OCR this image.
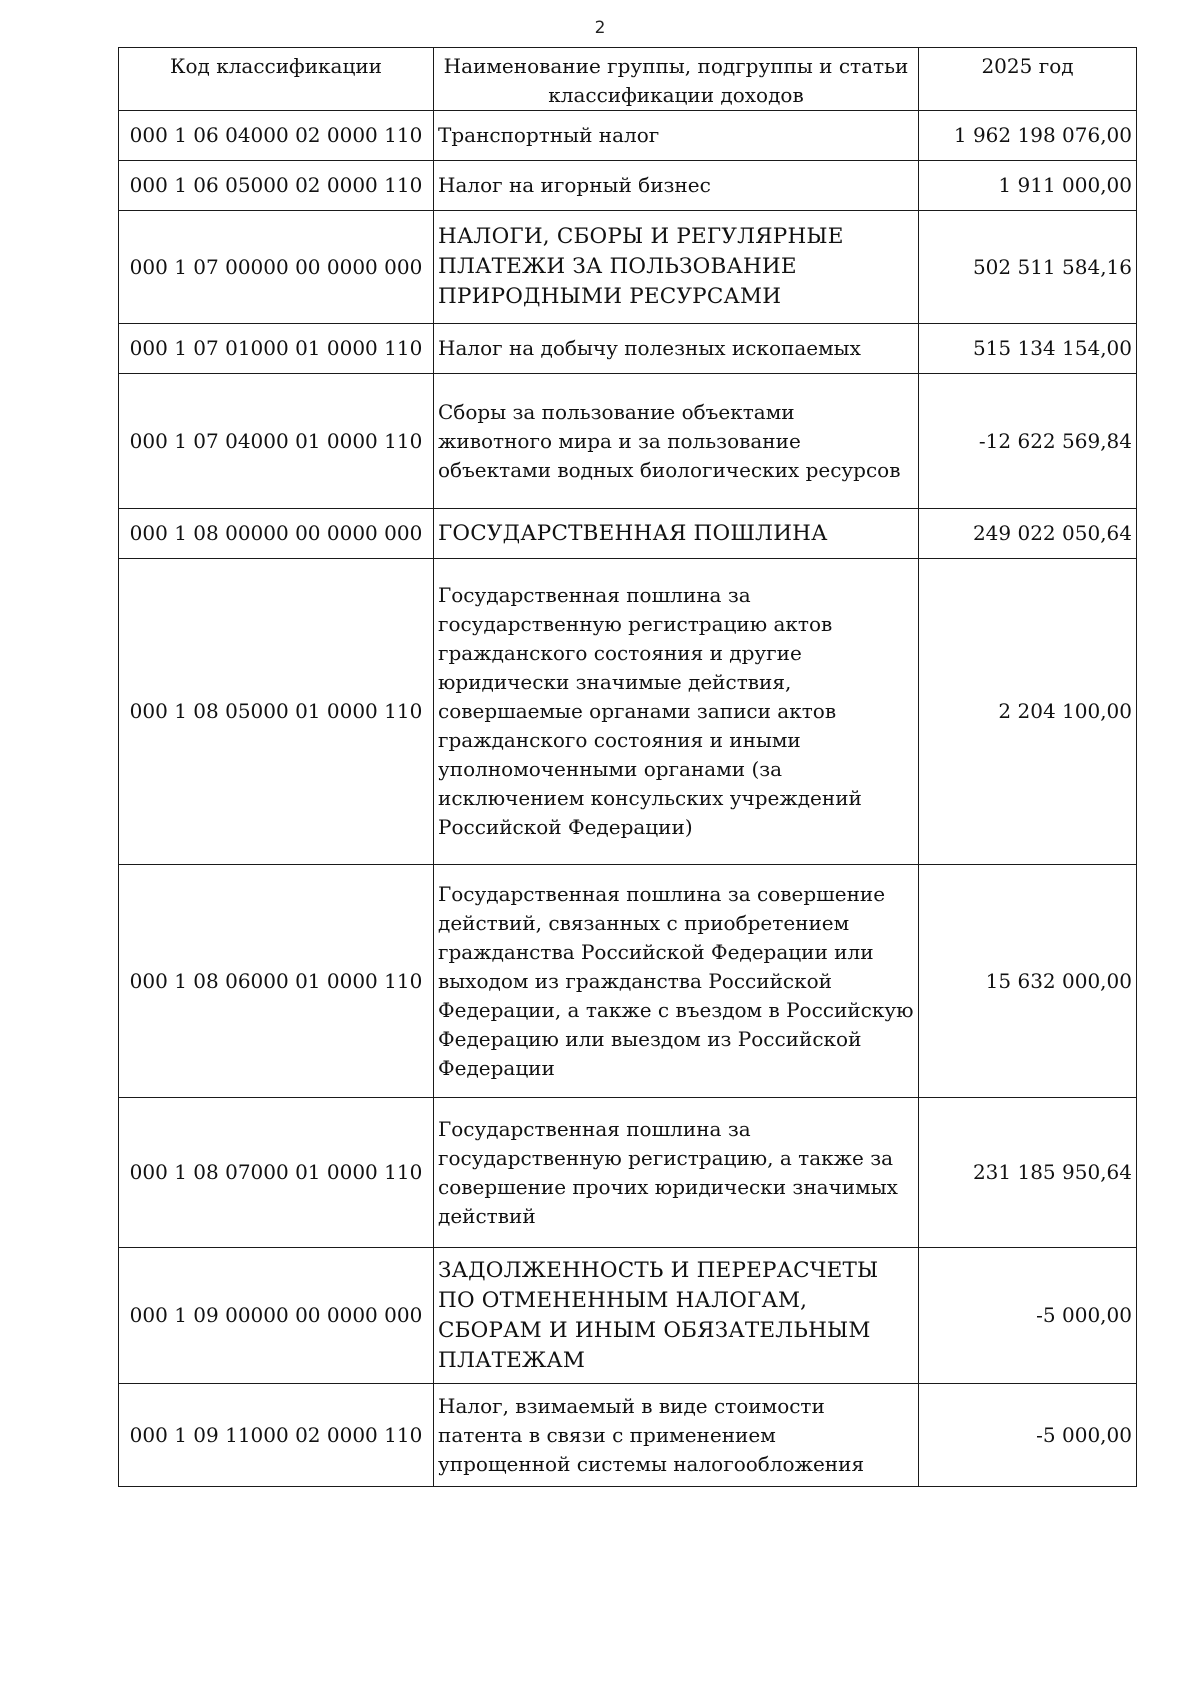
2
Код классификации	Наименование группы, подгруппы и статьи классификации доходов	2025 год
000 1 06 04000 02 0000 110	Транспортный налог	1 962 198 076,00
000 1 06 05000 02 0000 110	Налог на игорный бизнес	1 911 000,00
000 1 07 00000 00 0000 000	НАЛОГИ, СБОРЫ И РЕГУЛЯРНЫЕ ПЛАТЕЖИ ЗА ПОЛЬЗОВАНИЕ ПРИРОДНЫМИ РЕСУРСАМИ	502 511 584,16
000 1 07 01000 01 0000 110	Налог на добычу полезных ископаемых	515 134 154,00
000 1 07 04000 01 0000 110	Сборы за пользование объектами животного мира и за пользование объектами водных биологических ресурсов	-12 622 569,84
000 1 08 00000 00 0000 000	ГОСУДАРСТВЕННАЯ ПОШЛИНА	249 022 050,64
000 1 08 05000 01 0000 110	Государственная пошлина за государственную регистрацию актов гражданского состояния и другие юридически значимые действия, совершаемые органами записи актов гражданского состояния и иными уполномоченными органами (за исключением консульских учреждений Российской Федерации)	2 204 100,00
000 1 08 06000 01 0000 110	Государственная пошлина за совершение действий, связанных с приобретением гражданства Российской Федерации или выходом из гражданства Российской Федерации, а также с въездом в Российскую Федерацию или выездом из Российской Федерации	15 632 000,00
000 1 08 07000 01 0000 110	Государственная пошлина за государственную регистрацию, а также за совершение прочих юридически значимых действий	231 185 950,64
000 1 09 00000 00 0000 000	ЗАДОЛЖЕННОСТЬ И ПЕРЕРАСЧЕТЫ ПО ОТМЕНЕННЫМ НАЛОГАМ, СБОРАМ И ИНЫМ ОБЯЗАТЕЛЬНЫМ ПЛАТЕЖАМ	-5 000,00
000 1 09 11000 02 0000 110	Налог, взимаемый в виде стоимости патента в связи с применением упрощенной системы налогообложения	-5 000,00
